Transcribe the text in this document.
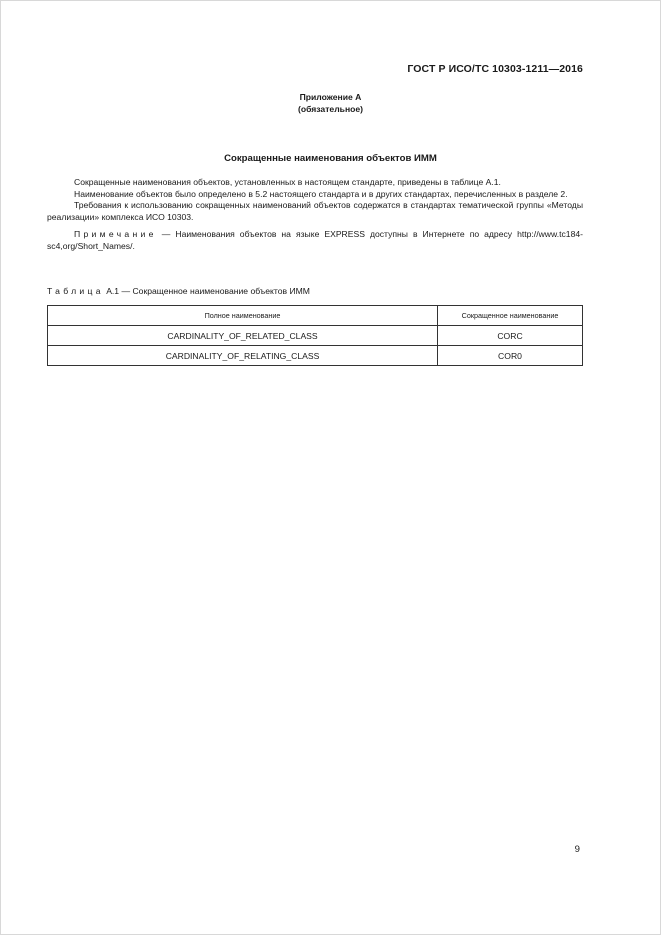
ГОСТ Р ИСО/ТС 10303-1211—2016
Приложение А
(обязательное)
Сокращенные наименования объектов ИММ

Сокращенные наименования объектов, установленных в настоящем стандарте, приведены в таблице А.1.

Наименование объектов было определено в 5.2 настоящего стандарта и в других стандартах, перечисленных в разделе 2.

Требования к использованию сокращенных наименований объектов содержатся в стандартах тематической группы «Методы реализации» комплекса ИСО 10303.

Примечание — Наименования объектов на языке EXPRESS доступны в Интернете по адресу http://www.tc184-sc4,org/Short_Names/.

Таблица А.1 — Сокращенное наименование объектов ИММ
Полное наименование	Сокращенное наименование
CARDINALITY_OF_RELATED_CLASS	CORC
CARDINALITY_OF_RELATING_CLASS	COR0
9
